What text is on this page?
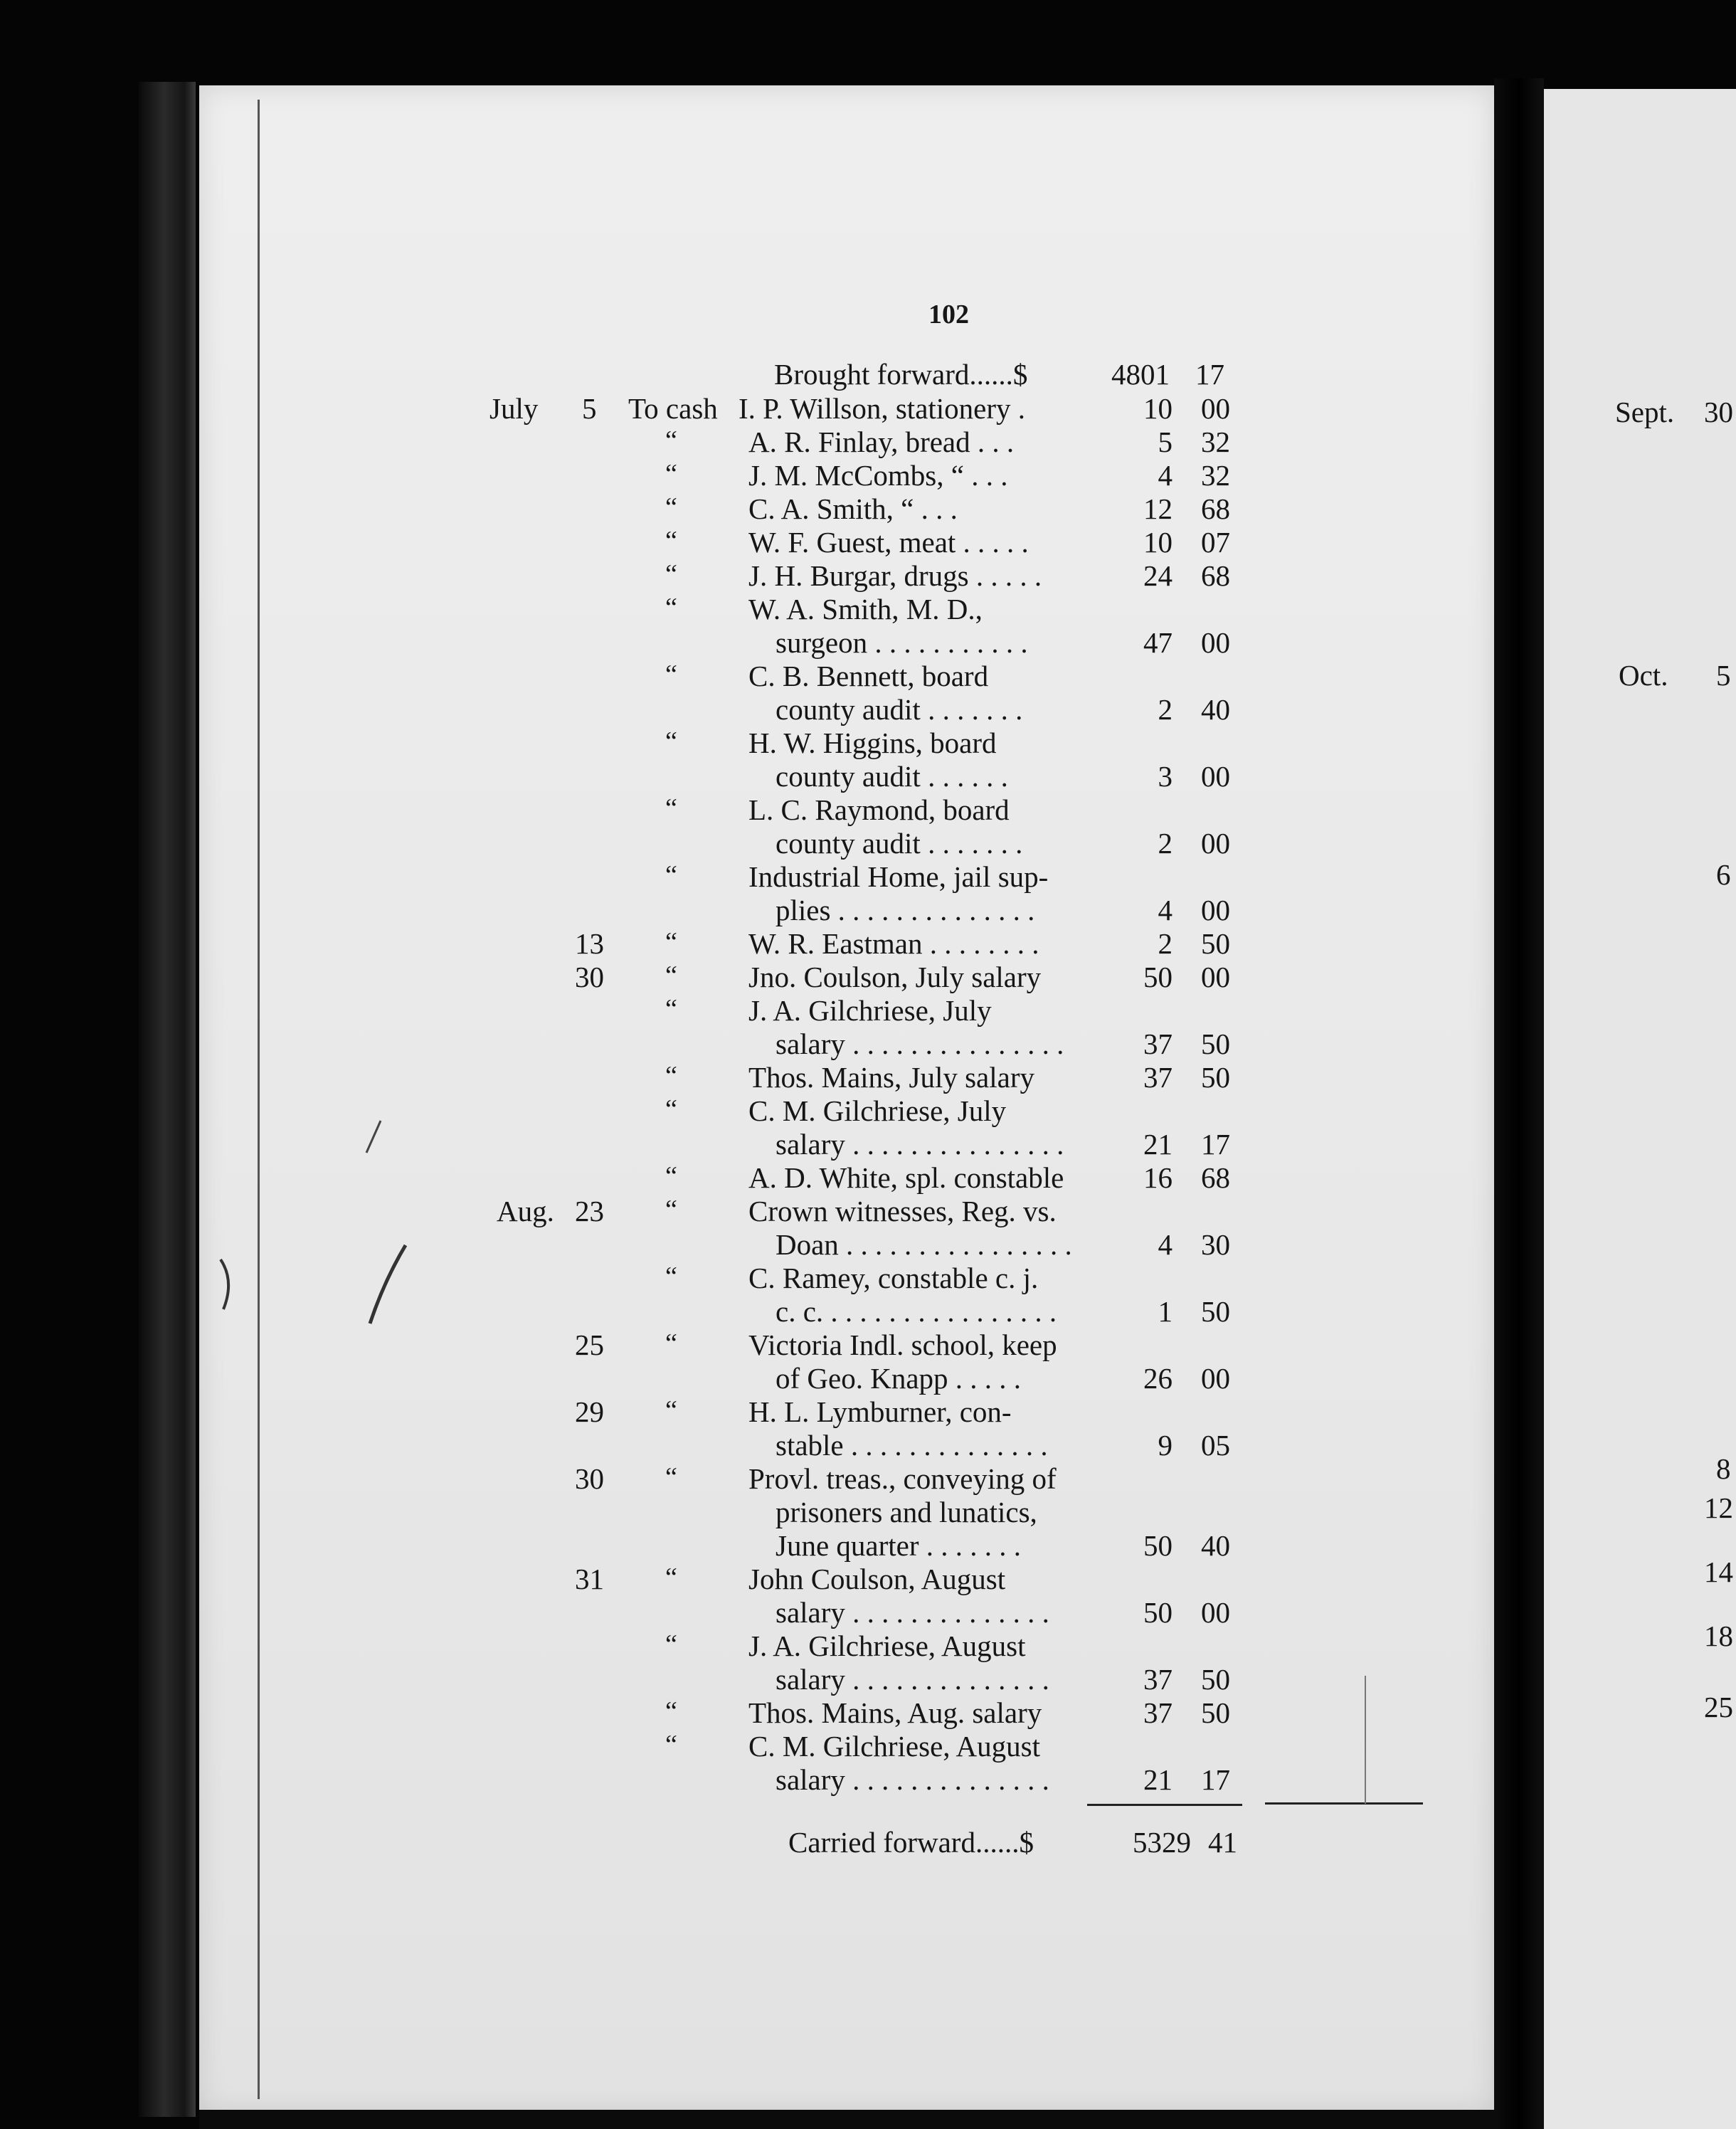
102
Brought forward......$	4801 17
July 5 To cash I. P. Willson, stationery .	10 00
“ A. R. Finlay, bread . . .	5 32
“ J. M. McCombs, “ . . .	4 32
“ C. A. Smith, “ . . .	12 68
“ W. F. Guest, meat . . . . .	10 07
“ J. H. Burgar, drugs . . . . .	24 68
“ W. A. Smith, M. D.,
surgeon . . . . . . . . . . .	47 00
“ C. B. Bennett, board
county audit . . . . . . .	2 40
“ H. W. Higgins, board
county audit . . . . . .	3 00
“ L. C. Raymond, board
county audit . . . . . . .	2 00
“ Industrial Home, jail sup-
plies . . . . . . . . . . . . . .	4 00
13 “ W. R. Eastman . . . . . . . .	2 50
30 “ Jno. Coulson, July salary	50 00
“ J. A. Gilchriese, July
salary . . . . . . . . . . . . . . .	37 50
“ Thos. Mains, July salary	37 50
“ C. M. Gilchriese, July
salary . . . . . . . . . . . . . . .	21 17
“ A. D. White, spl. constable	16 68
Aug. 23 “ Crown witnesses, Reg. vs.
Doan . . . . . . . . . . . . . . . .	4 30
“ C. Ramey, constable c. j.
c. c. . . . . . . . . . . . . . . . .	1 50
25 “ Victoria Indl. school, keep
of Geo. Knapp . . . . .	26 00
29 “ H. L. Lymburner, con-
stable . . . . . . . . . . . . . .	9 05
30 “ Provl. treas., conveying of
prisoners and lunatics,
June quarter . . . . . . .	50 40
31 “ John Coulson, August
salary . . . . . . . . . . . . . .	50 00
“ J. A. Gilchriese, August
salary . . . . . . . . . . . . . .	37 50
“ Thos. Mains, Aug. salary	37 50
“ C. M. Gilchriese, August
salary . . . . . . . . . . . . . .	21 17
Carried forward......$	5329 41
Sept. 30
Oct. 5
6
8
12
14
18
25
